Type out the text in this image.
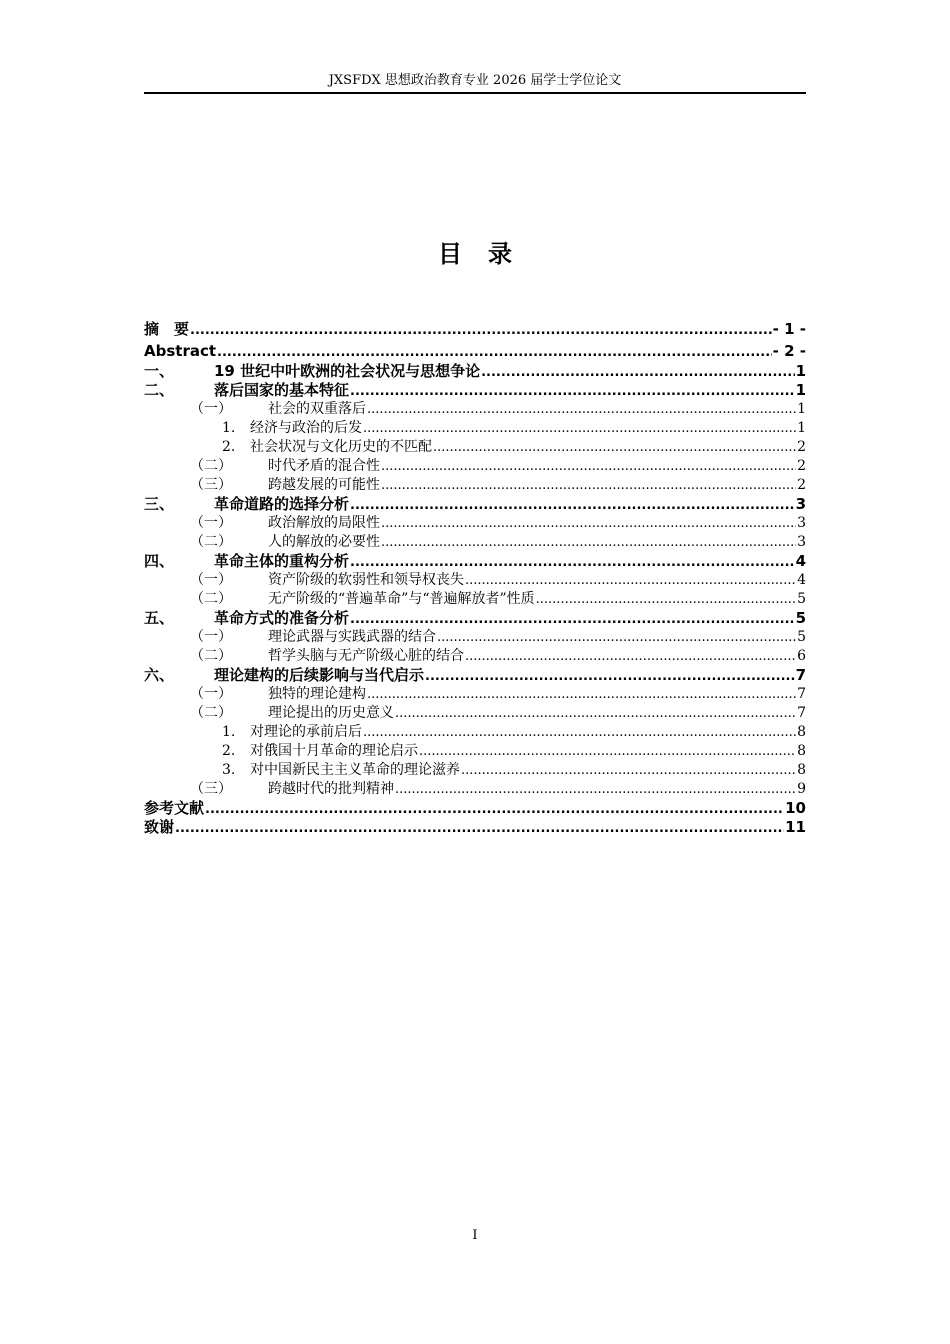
JXSFDX 思想政治教育专业 2026 届学士学位论文
目录
摘　要 .....	- 1 -
Abstract .....	- 2 -
一、	19 世纪中叶欧洲的社会状况与思想争论 .....	1
二、	落后国家的基本特征 .....	1
（一）	社会的双重落后 .....	1
1.	经济与政治的后发 .....	1
2.	社会状况与文化历史的不匹配 .....	2
（二）	时代矛盾的混合性 .....	2
（三）	跨越发展的可能性 .....	2
三、	革命道路的选择分析 .....	3
（一）	政治解放的局限性 .....	3
（二）	人的解放的必要性 .....	3
四、	革命主体的重构分析 .....	4
（一）	资产阶级的软弱性和领导权丧失 .....	4
（二）	无产阶级的“普遍革命”与“普遍解放者”性质 .....	5
五、	革命方式的准备分析 .....	5
（一）	理论武器与实践武器的结合 .....	5
（二）	哲学头脑与无产阶级心脏的结合 .....	6
六、	理论建构的后续影响与当代启示 .....	7
（一）	独特的理论建构 .....	7
（二）	理论提出的历史意义 .....	7
1.	对理论的承前启后 .....	8
2.	对俄国十月革命的理论启示 .....	8
3.	对中国新民主主义革命的理论滋养 .....	8
（三）	跨越时代的批判精神 .....	9
参考文献 .....	10
致谢 .....	11
I
